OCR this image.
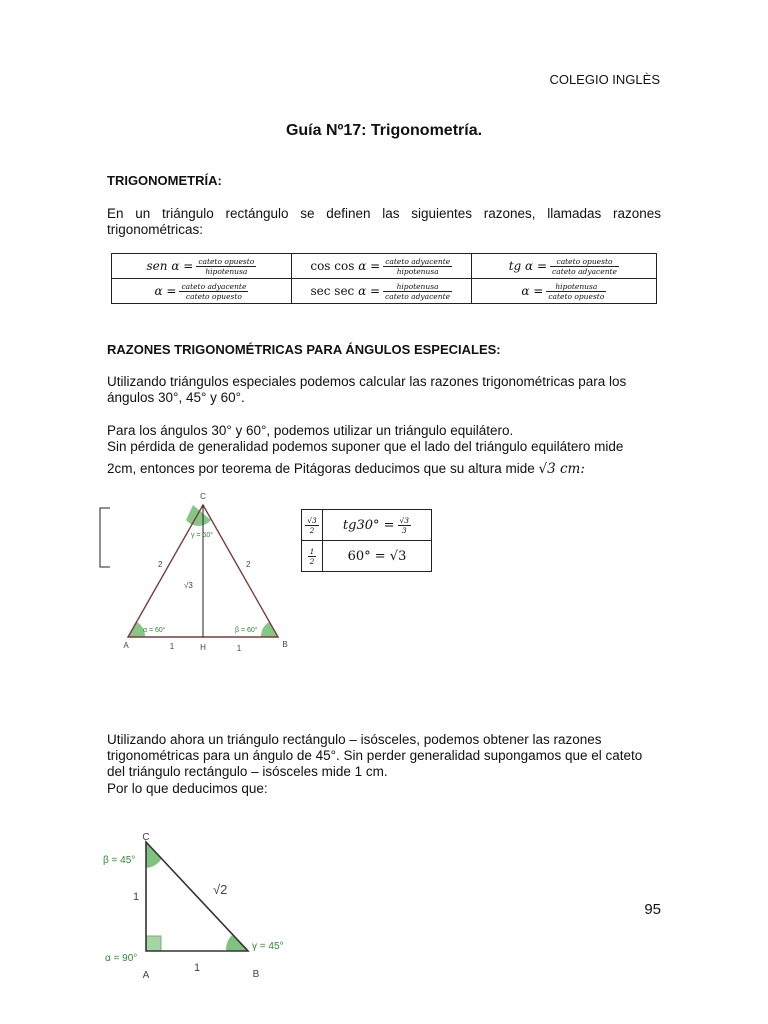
COLEGIO INGLÈS
Guía Nº17: Trigonometría.
TRIGONOMETRÍA:
En un triángulo rectángulo se definen las siguientes razones, llamadas razones trigonométricas:
sen $\alpha = \frac{\text{cateto opuesto}}{\text{hipotenusa}}$	$\cos \cos \alpha = \frac{\text{cateto adyacente}}{\text{hipotenusa}}$	tg $\alpha = \frac{\text{cateto opuesto}}{\text{cateto adyacente}}$

$\alpha = \frac{\text{cateto adyacente}}{\text{cateto opuesto}}$	$\sec \sec \alpha = \frac{\text{hipotenusa}}{\text{cateto adyacente}}$	$\alpha = \frac{\text{hipotenusa}}{\text{cateto opuesto}}$
RAZONES TRIGONOMÉTRICAS PARA ÁNGULOS ESPECIALES:
Utilizando triángulos especiales podemos calcular las razones trigonométricas para los ángulos 30°, 45° y 60°.
Para los ángulos 30° y 60°, podemos utilizar un triángulo equilátero.
Sin pérdida de generalidad podemos suponer que el lado del triángulo equilátero mide
2cm, entonces por teorema de Pitágoras deducimos que su altura mide √3 cm:
C
A	B
H
2	2
√3
1	1
γ = 60°
α = 60°	β = 60°
$\frac{√3}{2}$	$tg30^\circ = \frac{√3}{3}$

$\frac{1}{2}$	60° = √3
Utilizando ahora un triángulo rectángulo – isósceles, podemos obtener las razones trigonométricas para un ángulo de 45°. Sin perder generalidad supongamos que el cateto del triángulo rectángulo – isósceles mide 1 cm.
Por lo que deducimos que:
C
A	B
1
1
√2
β = 45°
α = 90°
γ = 45°
95
